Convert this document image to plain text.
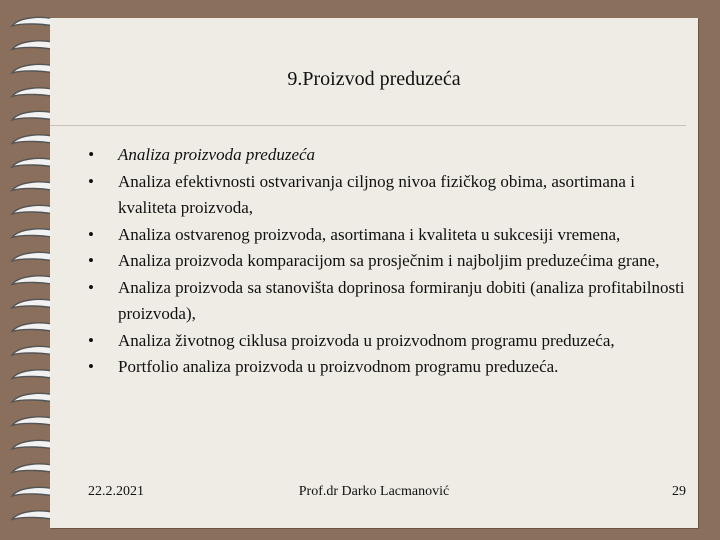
9.Proizvod preduzeća
• Analiza proizvoda preduzeća
• Analiza efektivnosti ostvarivanja ciljnog nivoa fizičkog obima, asortimana i kvaliteta proizvoda,
• Analiza ostvarenog proizvoda, asortimana i kvaliteta u sukcesiji vremena,
• Analiza proizvoda komparacijom sa prosječnim i najboljim preduzećima grane,
• Analiza proizvoda sa stanovišta doprinosa formiranju dobiti (analiza profitabilnosti proizvoda),
• Analiza životnog ciklusa proizvoda u proizvodnom programu preduzeća,
• Portfolio analiza proizvoda u proizvodnom programu preduzeća.
22.2.2021	Prof.dr Darko Lacmanović	29
